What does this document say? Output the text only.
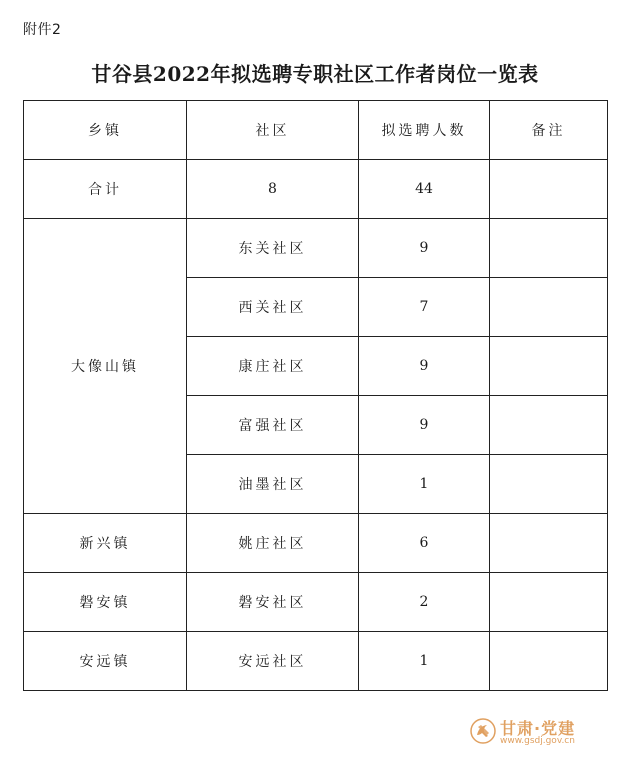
附件2
甘谷县2022年拟选聘专职社区工作者岗位一览表
乡镇	社区	拟选聘人数	备注
合计	8	44	
大像山镇	东关社区	9	
	西关社区	7	
	康庄社区	9	
	富强社区	9	
	油墨社区	1	
新兴镇	姚庄社区	6	
磐安镇	磐安社区	2	
安远镇	安远社区	1	
甘肃·党建
www.gsdj.gov.cn
